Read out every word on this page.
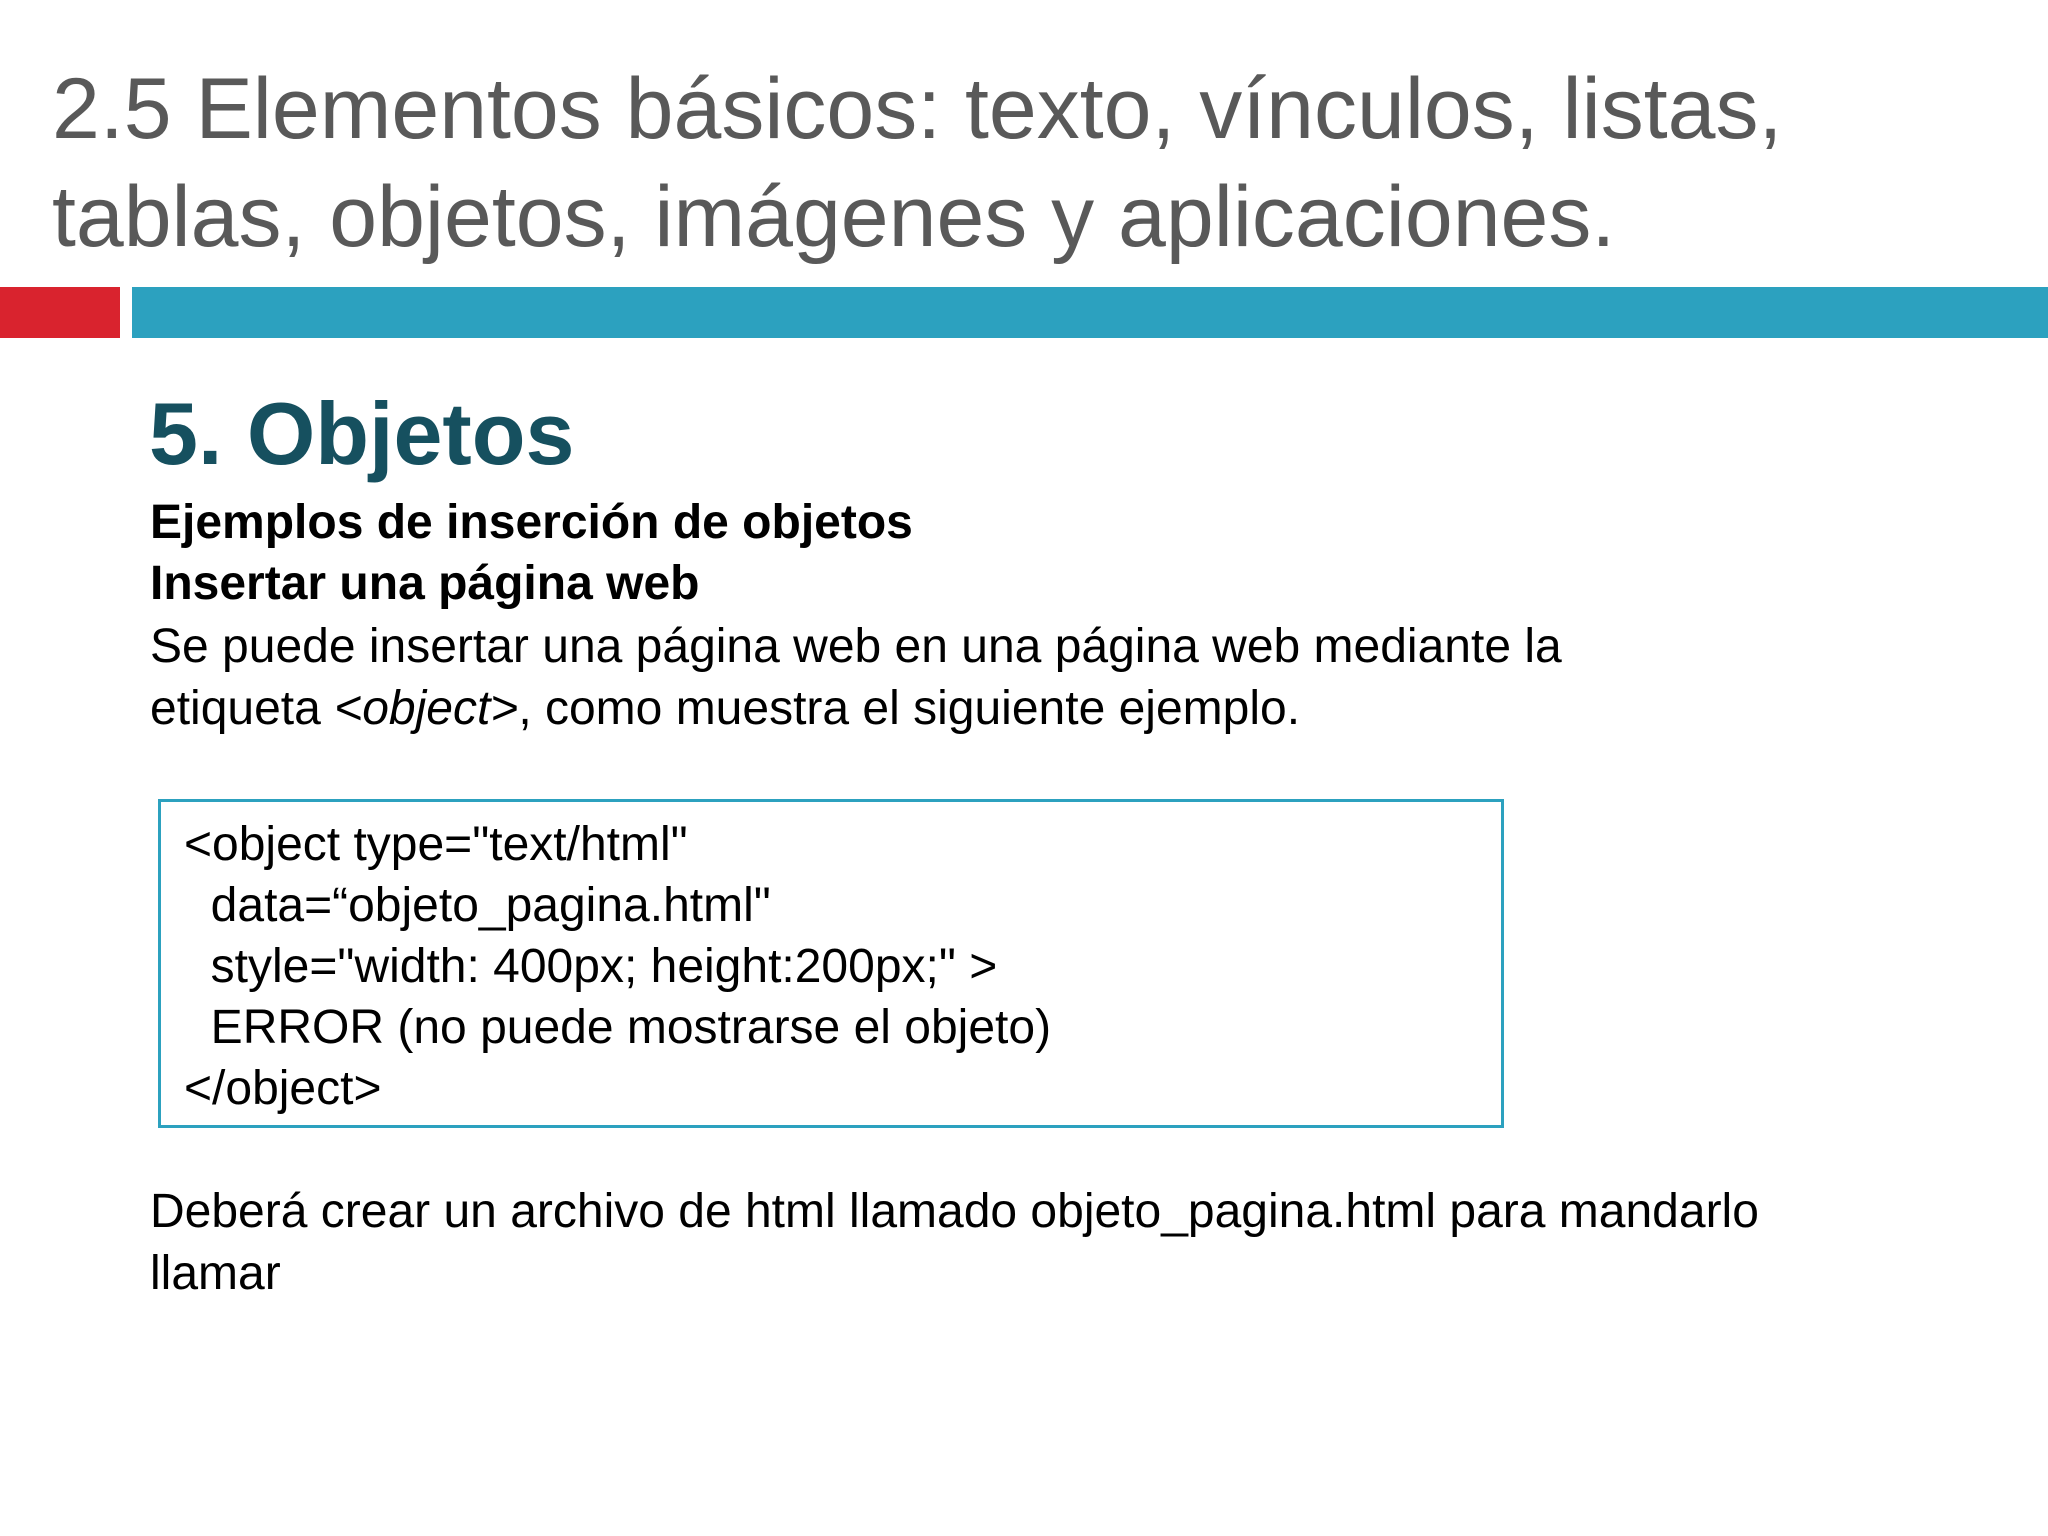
2.5 Elementos básicos: texto, vínculos, listas,
tablas, objetos, imágenes y aplicaciones.
5. Objetos

Ejemplos de inserción de objetos

Insertar una página web

Se puede insertar una página web en una página web mediante la
etiqueta <object>, como muestra el siguiente ejemplo.

<object type="text/html"
data=“objeto_pagina.html"
style="width: 400px; height:200px;" >
ERROR (no puede mostrarse el objeto)
</object>

Deberá crear un archivo de html llamado objeto_pagina.html para mandarlo
llamar
